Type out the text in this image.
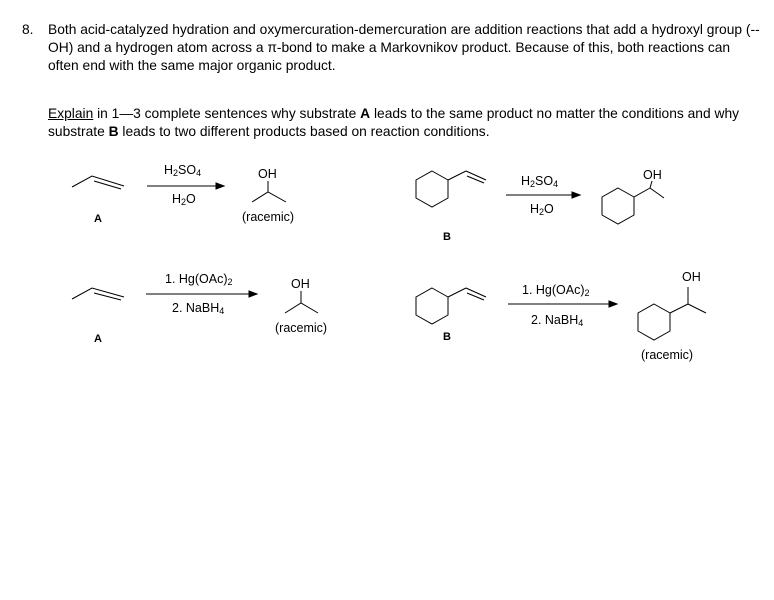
8. Both acid-catalyzed hydration and oxymercuration-demercuration are addition reactions that add a hydroxyl group (--OH) and a hydrogen atom across a π-bond to make a Markovnikov product. Because of this, both reactions can often end with the same major organic product.
Explain in 1—3 complete sentences why substrate A leads to the same product no matter the conditions and why substrate B leads to two different products based on reaction conditions.
$H_2SO_4$
$H_2O$
OH
(racemic)
A
$H_2SO_4$
$H_2O$
OH
B
1. $Hg(OAc)_2$
2. NaBH$_4$
OH
(racemic)
A
1. $Hg(OAc)_2$
2. NaBH$_4$
OH
(racemic)
B
